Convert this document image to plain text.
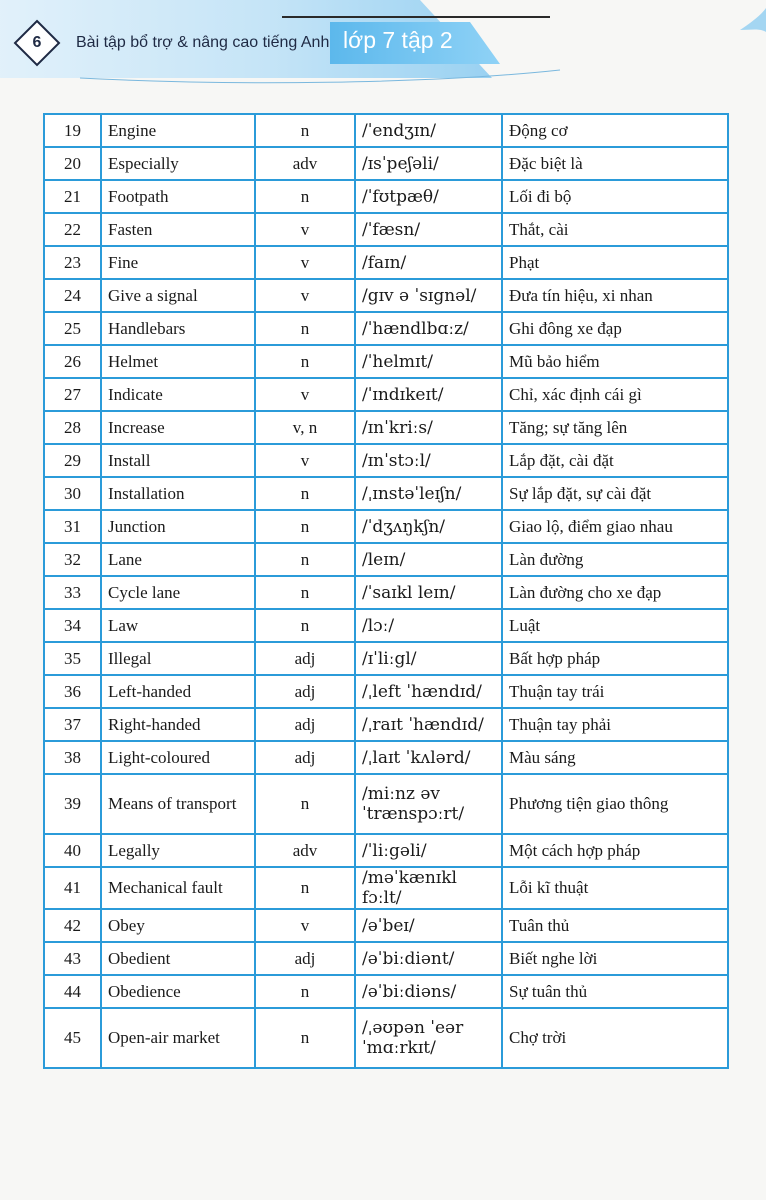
6	Bài tập bổ trợ & nâng cao tiếng Anh lớp 7 tập 2
19	Engine	n	/ˈendʒɪn/	Động cơ
20	Especially	adv	/ɪsˈpeʃəli/	Đặc biệt là
21	Footpath	n	/ˈfʊtpæθ/	Lối đi bộ
22	Fasten	v	/ˈfæsn/	Thắt, cài
23	Fine	v	/faɪn/	Phạt
24	Give a signal	v	/gɪv ə ˈsɪgnəl/	Đưa tín hiệu, xi nhan
25	Handlebars	n	/ˈhændlbɑːz/	Ghi đông xe đạp
26	Helmet	n	/ˈhelmɪt/	Mũ bảo hiểm
27	Indicate	v	/ˈɪndɪkeɪt/	Chỉ, xác định cái gì
28	Increase	v, n	/ɪnˈkriːs/	Tăng; sự tăng lên
29	Install	v	/ɪnˈstɔːl/	Lắp đặt, cài đặt
30	Installation	n	/ˌɪnstəˈleɪʃn/	Sự lắp đặt, sự cài đặt
31	Junction	n	/ˈdʒʌŋkʃn/	Giao lộ, điểm giao nhau
32	Lane	n	/leɪn/	Làn đường
33	Cycle lane	n	/ˈsaɪkl leɪn/	Làn đường cho xe đạp
34	Law	n	/lɔː/	Luật
35	Illegal	adj	/ɪˈliːgl/	Bất hợp pháp
36	Left-handed	adj	/ˌleft ˈhændɪd/	Thuận tay trái
37	Right-handed	adj	/ˌraɪt ˈhændɪd/	Thuận tay phải
38	Light-coloured	adj	/ˌlaɪt ˈkʌlərd/	Màu sáng
39	Means of transport	n	/miːnz əv ˈtrænspɔːrt/	Phương tiện giao thông
40	Legally	adv	/ˈliːgəli/	Một cách hợp pháp
41	Mechanical fault	n	/məˈkænɪkl fɔːlt/	Lỗi kĩ thuật
42	Obey	v	/əˈbeɪ/	Tuân thủ
43	Obedient	adj	/əˈbiːdiənt/	Biết nghe lời
44	Obedience	n	/əˈbiːdiəns/	Sự tuân thủ
45	Open-air market	n	/ˌəʊpən ˈeər ˈmɑːrkɪt/	Chợ trời
